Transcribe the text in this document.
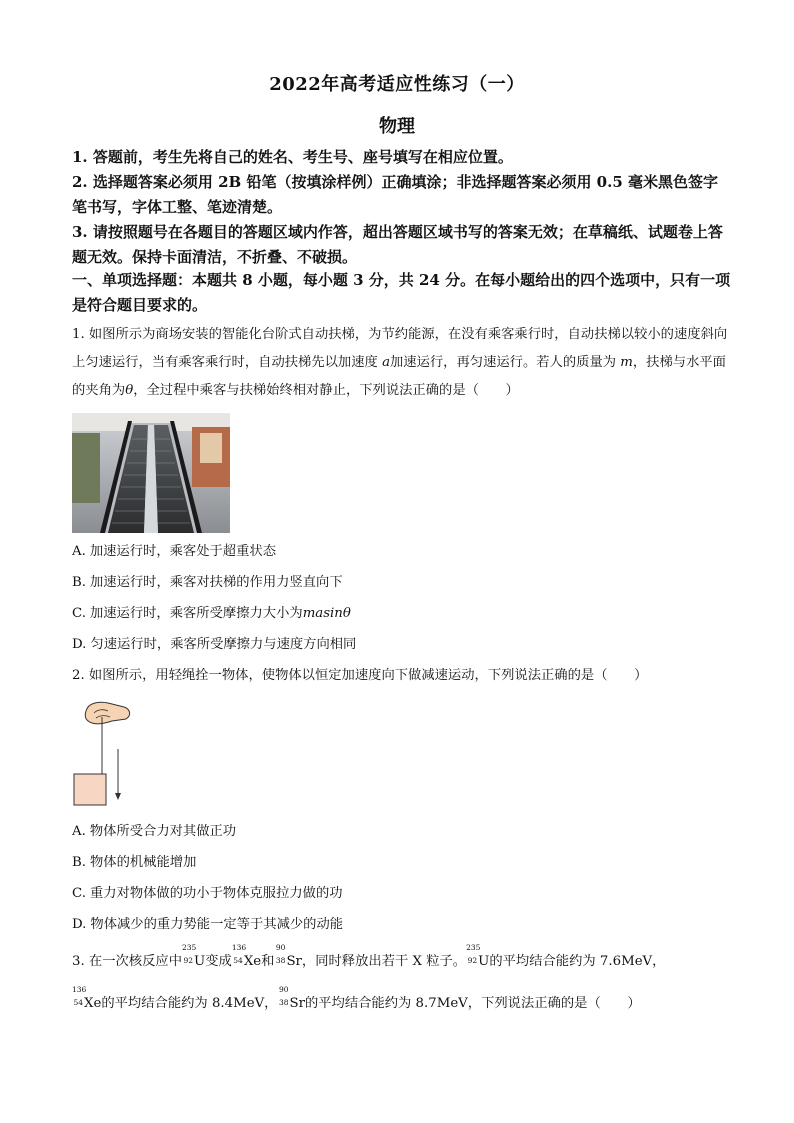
2022年高考适应性练习（一）
物理

1. 答题前，考生先将自己的姓名、考生号、座号填写在相应位置。

2. 选择题答案必须用 2B 铅笔（按填涂样例）正确填涂；非选择题答案必须用 0.5 毫米黑色签字笔书写，字体工整、笔迹清楚。

3. 请按照题号在各题目的答题区域内作答，超出答题区域书写的答案无效；在草稿纸、试题卷上答题无效。保持卡面清洁，不折叠、不破损。

一、单项选择题：本题共 8 小题，每小题 3 分，共 24 分。在每小题给出的四个选项中，只有一项是符合题目要求的。
1. 如图所示为商场安装的智能化台阶式自动扶梯，为节约能源，在没有乘客乘行时，自动扶梯以较小的速度斜向上匀速运行，当有乘客乘行时，自动扶梯先以加速度 a加速运行，再匀速运行。若人的质量为 m，扶梯与水平面的夹角为θ，全过程中乘客与扶梯始终相对静止，下列说法正确的是（　　）
A. 加速运行时，乘客处于超重状态
B. 加速运行时，乘客对扶梯的作用力竖直向下
C. 加速运行时，乘客所受摩擦力大小为masinθ
D. 匀速运行时，乘客所受摩擦力与速度方向相同
2. 如图所示，用轻绳拴一物体，使物体以恒定加速度向下做减速运动，下列说法正确的是（　　）
A. 物体所受合力对其做正功
B. 物体的机械能增加
C. 重力对物体做的功小于物体克服拉力做的功
D. 物体减少的重力势能一定等于其减少的动能
3. 在一次核反应中
235
92 U变成
136
54 Xe和
90
38 Sr，同时释放出若干 X 粒子。
235
92 U的平均结合能约为 7.6MeV，
136
54 Xe的平均结合能约为 8.4MeV，
90
38 Sr的平均结合能约为 8.7MeV，下列说法正确的是（　　）
